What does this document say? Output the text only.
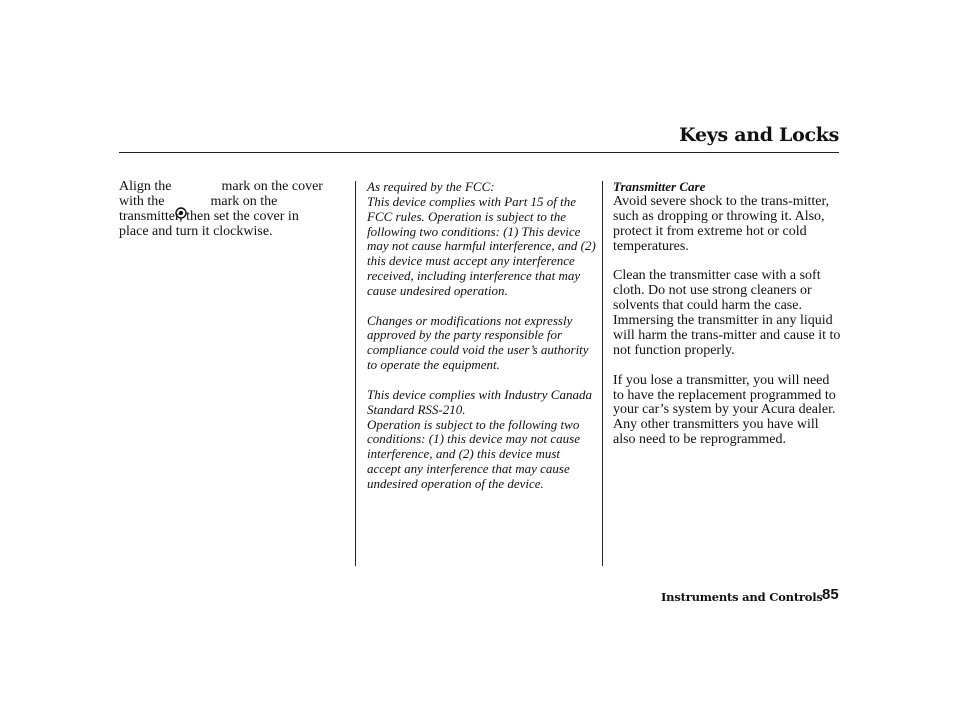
Keys and Locks
Align the	mark on the cover
with the	mark on the
transmitter, then set the cover in
place and turn it clockwise.

As required by the FCC:

This device complies with Part 15 of the FCC rules. Operation is subject to the following two conditions: (1) This device may not cause harmful interference, and (2) this device must accept any interference received, including interference that may cause undesired operation.

Changes or modifications not expressly approved by the party responsible for compliance could void the user’s authority to operate the equipment.

This device complies with Industry Canada Standard RSS-210.

Operation is subject to the following two conditions: (1) this device may not cause interference, and (2) this device must accept any interference that may cause undesired operation of the device.

Transmitter Care

Avoid severe shock to the trans-mitter, such as dropping or throwing it. Also, protect it from extreme hot or cold temperatures.

Clean the transmitter case with a soft cloth. Do not use strong cleaners or solvents that could harm the case. Immersing the transmitter in any liquid will harm the trans-mitter and cause it to not function properly.

If you lose a transmitter, you will need to have the replacement programmed to your car’s system by your Acura dealer. Any other transmitters you have will also need to be reprogrammed.

Instruments and Controls 85
